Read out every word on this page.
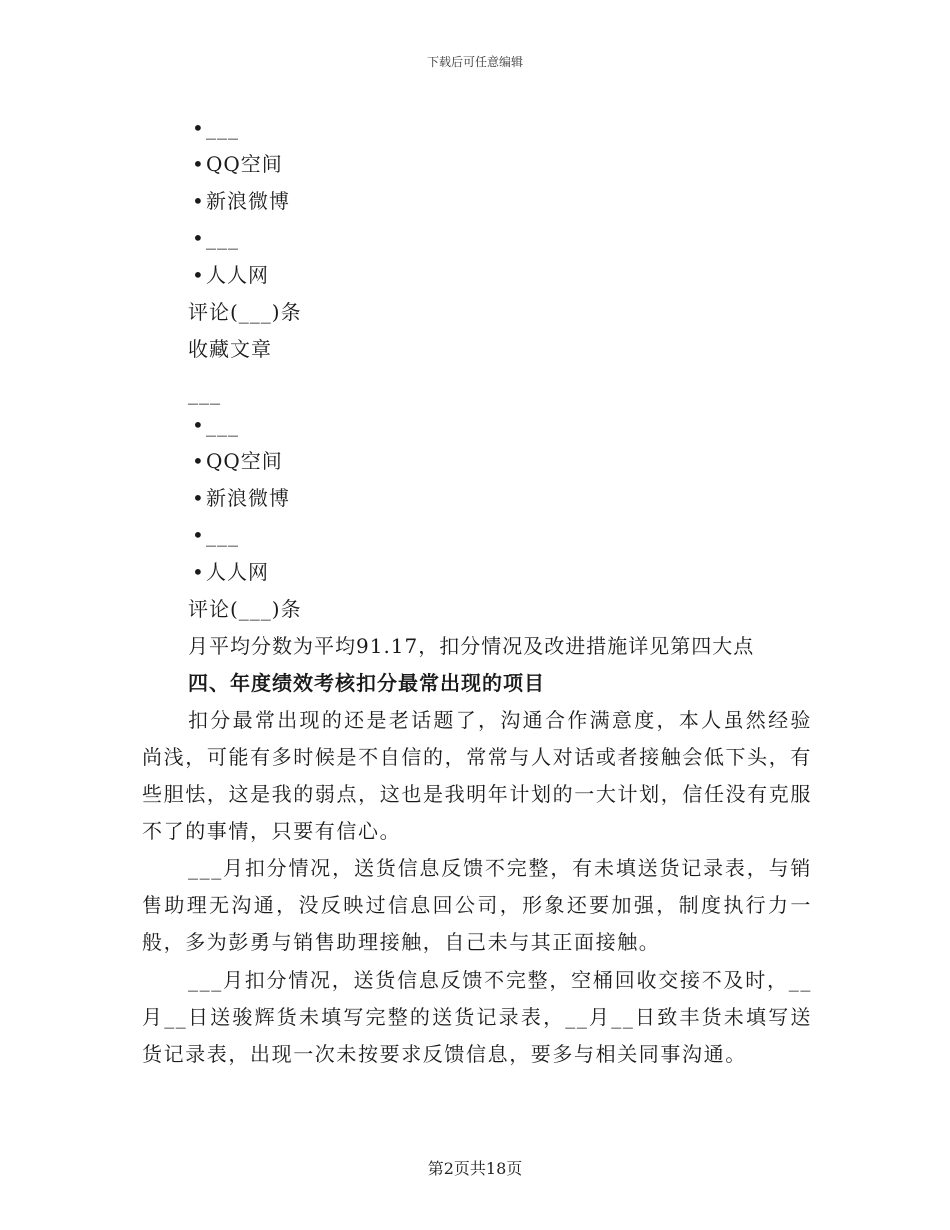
下载后可任意编辑
•___
•QQ空间
•新浪微博
•___
•人人网
评论(___)条
收藏文章
___
•___
•QQ空间
•新浪微博
•___
•人人网
评论(___)条
月平均分数为平均91.17，扣分情况及改进措施详见第四大点
四、年度绩效考核扣分最常出现的项目
扣分最常出现的还是老话题了，沟通合作满意度，本人虽然经验尚浅，可能有多时候是不自信的，常常与人对话或者接触会低下头，有些胆怯，这是我的弱点，这也是我明年计划的一大计划，信任没有克服不了的事情，只要有信心。
___月扣分情况，送货信息反馈不完整，有未填送货记录表，与销售助理无沟通，没反映过信息回公司，形象还要加强，制度执行力一般，多为彭勇与销售助理接触，自己未与其正面接触。
___月扣分情况，送货信息反馈不完整，空桶回收交接不及时，__月__日送骏辉货未填写完整的送货记录表，__月__日致丰货未填写送货记录表，出现一次未按要求反馈信息，要多与相关同事沟通。
第2页共18页
